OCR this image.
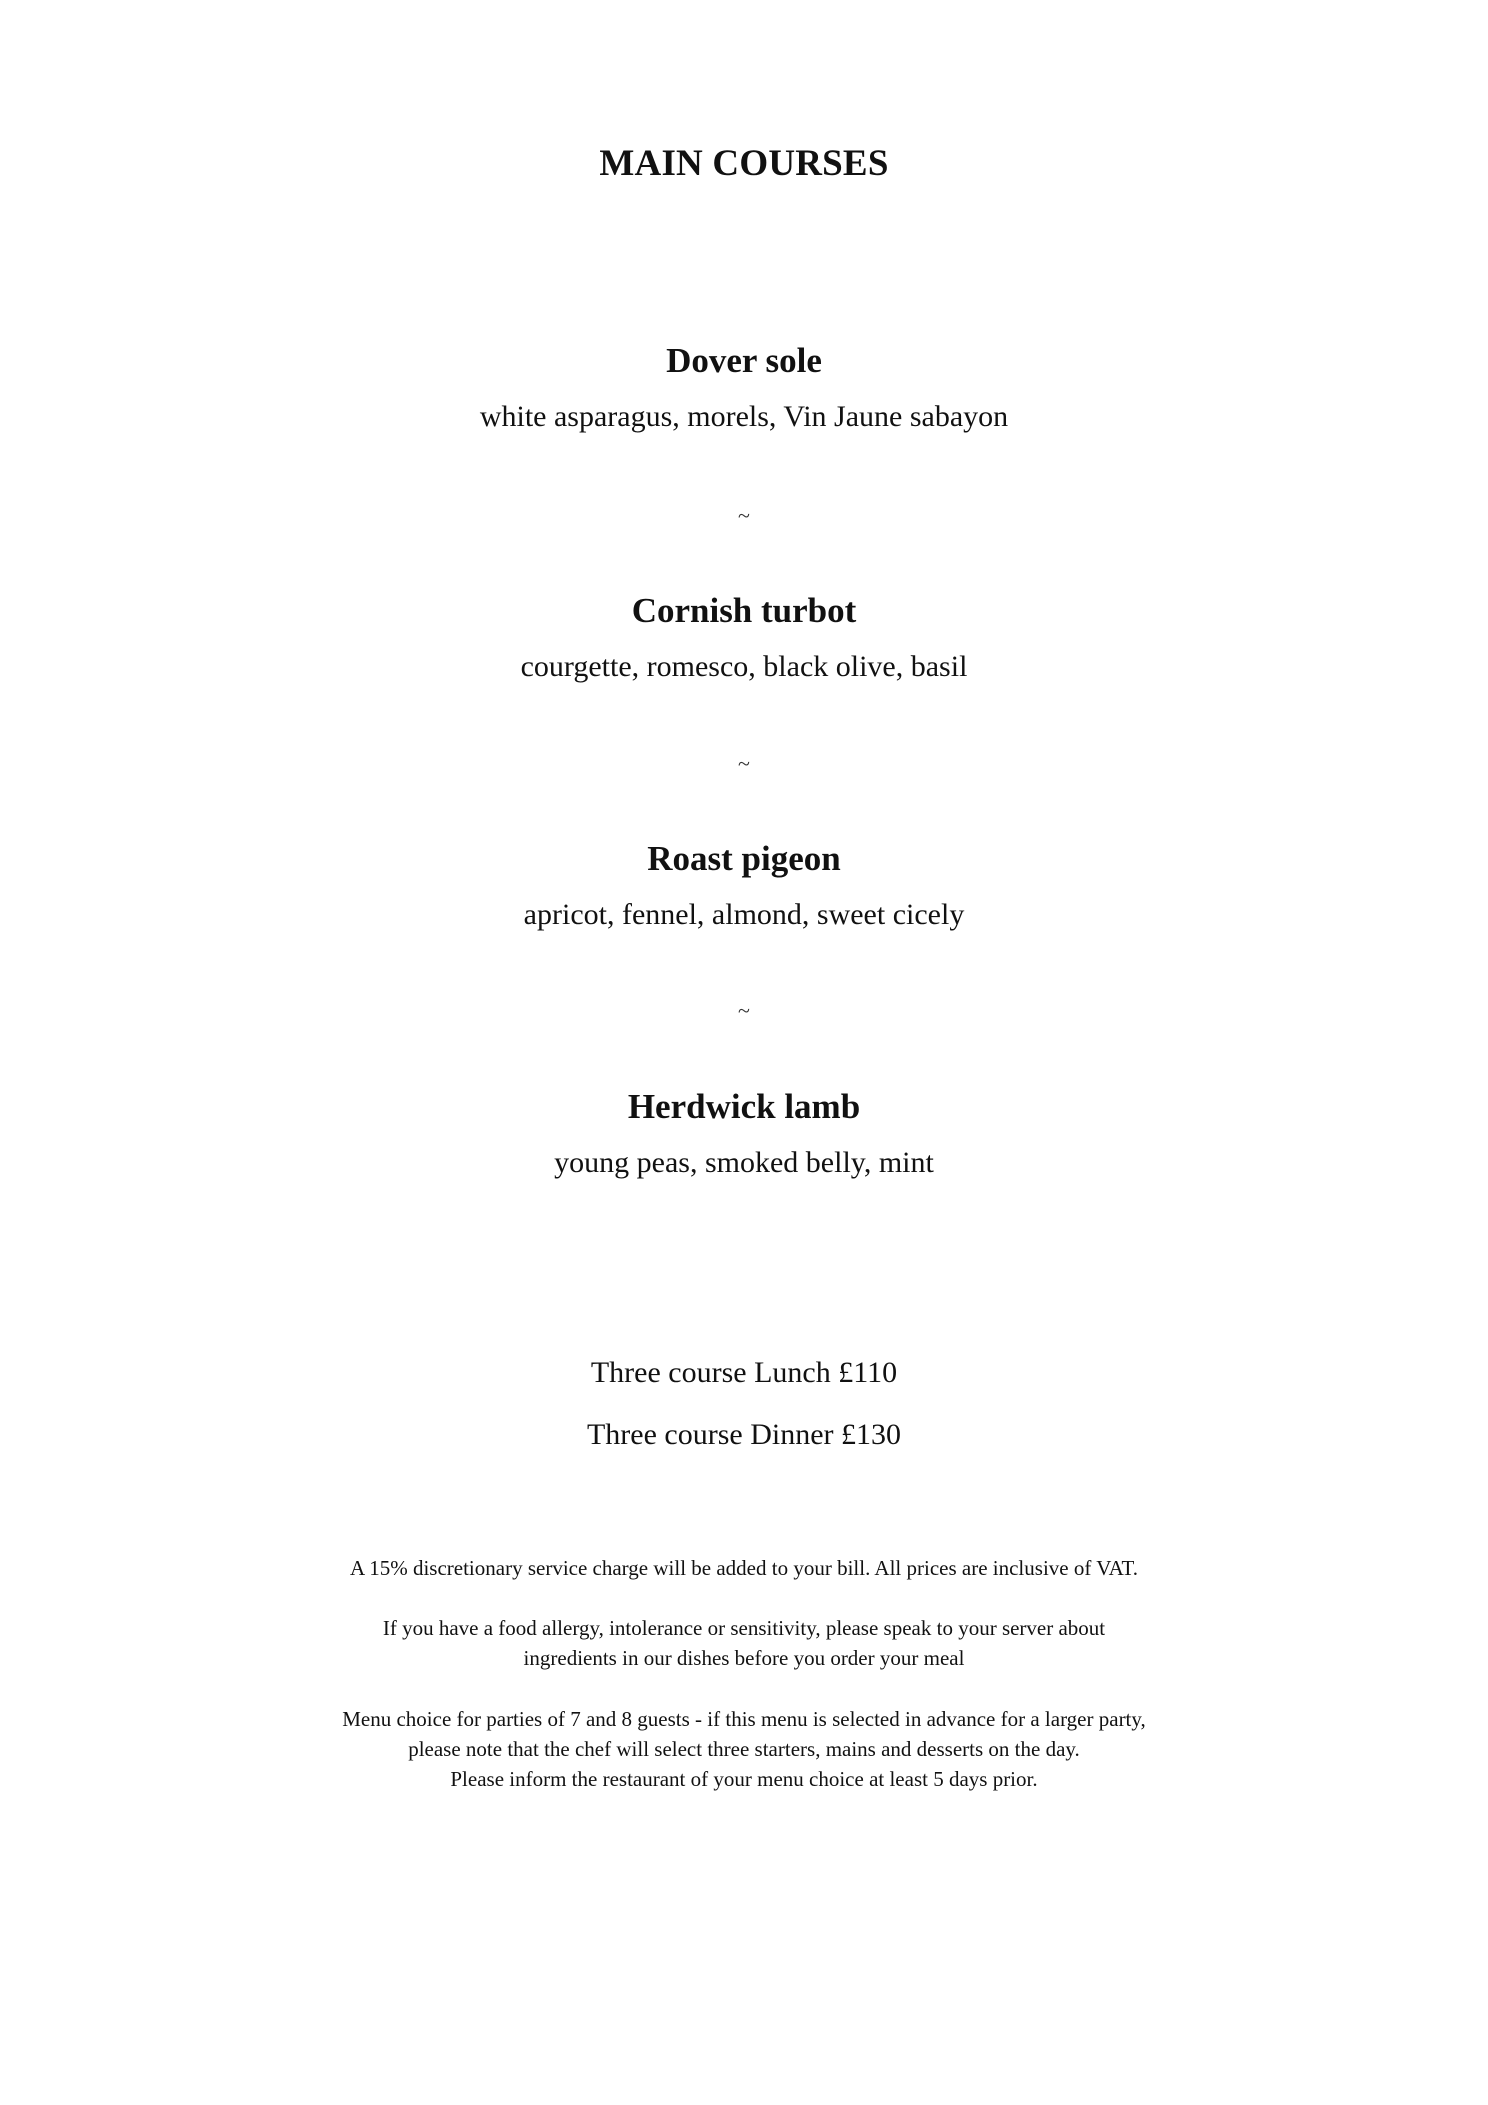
MAIN COURSES
Dover sole
white asparagus, morels, Vin Jaune sabayon
~
Cornish turbot
courgette, romesco, black olive, basil
~
Roast pigeon
apricot, fennel, almond, sweet cicely
~
Herdwick lamb
young peas, smoked belly, mint
Three course Lunch £110
Three course Dinner £130
A 15% discretionary service charge will be added to your bill. All prices are inclusive of VAT.
If you have a food allergy, intolerance or sensitivity, please speak to your server about
ingredients in our dishes before you order your meal
Menu choice for parties of 7 and 8 guests - if this menu is selected in advance for a larger party,
please note that the chef will select three starters, mains and desserts on the day.
Please inform the restaurant of your menu choice at least 5 days prior.
